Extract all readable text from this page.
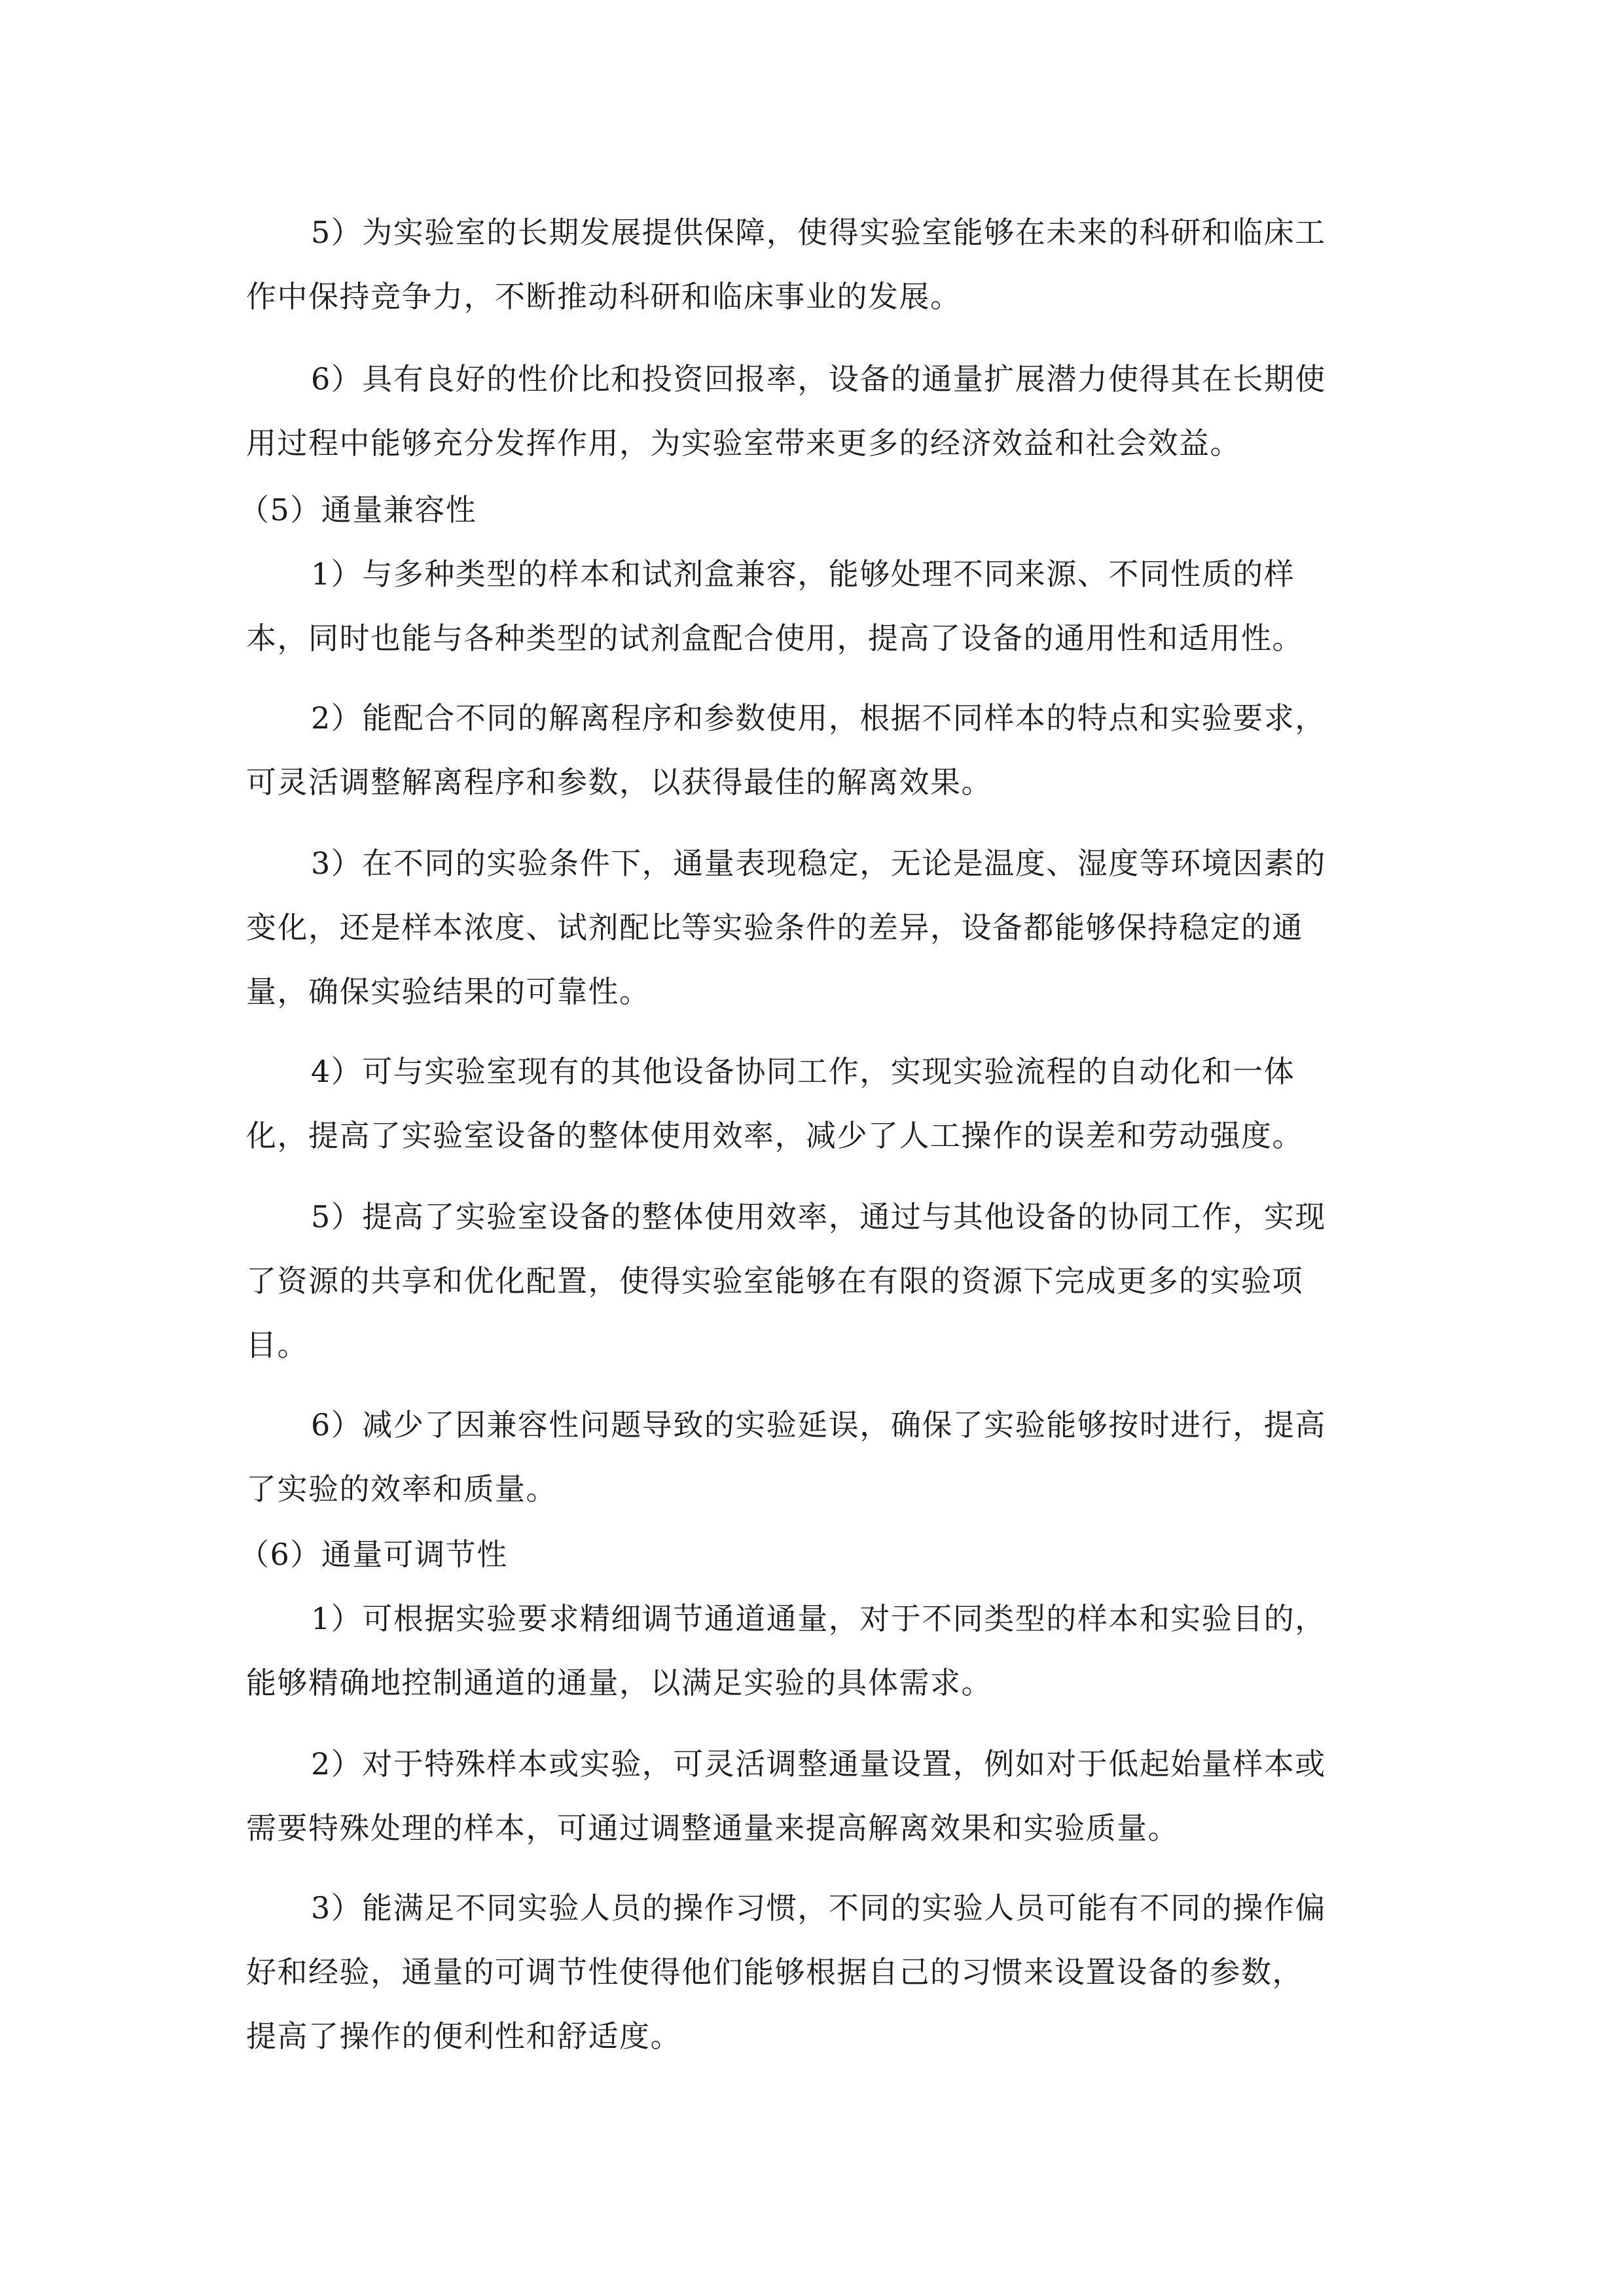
5）为实验室的长期发展提供保障，使得实验室能够在未来的科研和临床工
作中保持竞争力，不断推动科研和临床事业的发展。
6）具有良好的性价比和投资回报率，设备的通量扩展潜力使得其在长期使
用过程中能够充分发挥作用，为实验室带来更多的经济效益和社会效益。
（5）通量兼容性
1）与多种类型的样本和试剂盒兼容，能够处理不同来源、不同性质的样
本，同时也能与各种类型的试剂盒配合使用，提高了设备的通用性和适用性。
2）能配合不同的解离程序和参数使用，根据不同样本的特点和实验要求，
可灵活调整解离程序和参数，以获得最佳的解离效果。
3）在不同的实验条件下，通量表现稳定，无论是温度、湿度等环境因素的
变化，还是样本浓度、试剂配比等实验条件的差异，设备都能够保持稳定的通
量，确保实验结果的可靠性。
4）可与实验室现有的其他设备协同工作，实现实验流程的自动化和一体
化，提高了实验室设备的整体使用效率，减少了人工操作的误差和劳动强度。
5）提高了实验室设备的整体使用效率，通过与其他设备的协同工作，实现
了资源的共享和优化配置，使得实验室能够在有限的资源下完成更多的实验项
目。
6）减少了因兼容性问题导致的实验延误，确保了实验能够按时进行，提高
了实验的效率和质量。
（6）通量可调节性
1）可根据实验要求精细调节通道通量，对于不同类型的样本和实验目的，
能够精确地控制通道的通量，以满足实验的具体需求。
2）对于特殊样本或实验，可灵活调整通量设置，例如对于低起始量样本或
需要特殊处理的样本，可通过调整通量来提高解离效果和实验质量。
3）能满足不同实验人员的操作习惯，不同的实验人员可能有不同的操作偏
好和经验，通量的可调节性使得他们能够根据自己的习惯来设置设备的参数，
提高了操作的便利性和舒适度。
